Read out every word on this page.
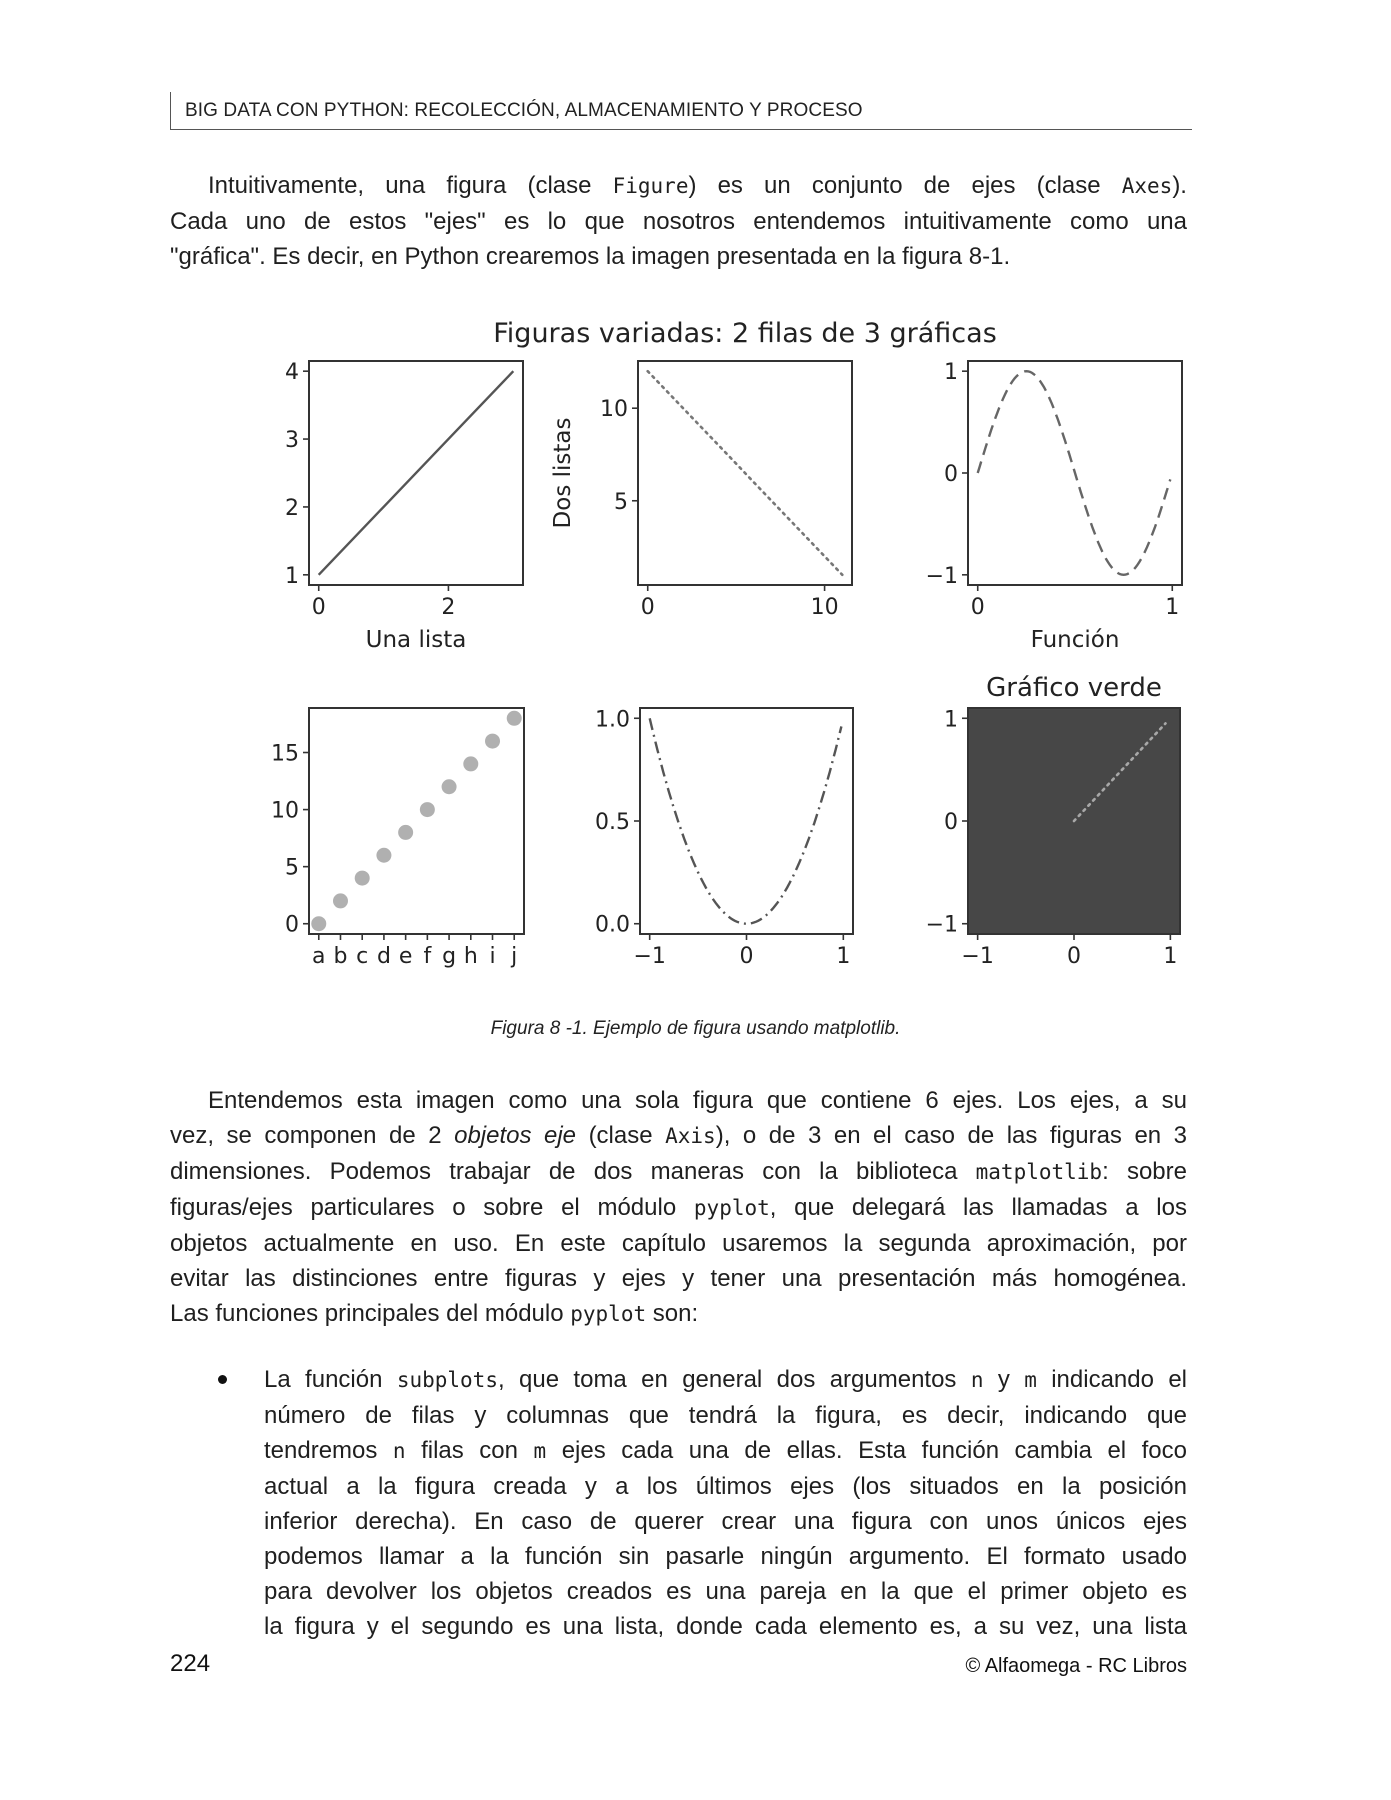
BIG DATA CON PYTHON: RECOLECCIÓN, ALMACENAMIENTO Y PROCESO
Intuitivamente, una figura (clase Figure) es un conjunto de ejes (clase Axes).
Cada uno de estos "ejes" es lo que nosotros entendemos intuitivamente como una
"gráfica". Es decir, en Python crearemos la imagen presentada en la figura 8-1.
Figuras variadas: 2 filas de 3 gráficas
1
2
3
4
0	2
Una lista
5
10
0	10
Dos listas
−1
0
1
0	1
Función
0
5
10
15
a b c d e f g h i j
0.0
0.5
1.0
−1	0	1
−1
0
1
−1	0	1
Gráfico verde
Figura 8 -1. Ejemplo de figura usando matplotlib.
Entendemos esta imagen como una sola figura que contiene 6 ejes. Los ejes, a su
vez, se componen de 2 objetos eje (clase Axis), o de 3 en el caso de las figuras en 3
dimensiones. Podemos trabajar de dos maneras con la biblioteca matplotlib: sobre
figuras/ejes particulares o sobre el módulo pyplot, que delegará las llamadas a los
objetos actualmente en uso. En este capítulo usaremos la segunda aproximación, por
evitar las distinciones entre figuras y ejes y tener una presentación más homogénea.
Las funciones principales del módulo pyplot son:
La función subplots, que toma en general dos argumentos n y m indicando el
número de filas y columnas que tendrá la figura, es decir, indicando que
tendremos n filas con m ejes cada una de ellas. Esta función cambia el foco
actual a la figura creada y a los últimos ejes (los situados en la posición
inferior derecha). En caso de querer crear una figura con unos únicos ejes
podemos llamar a la función sin pasarle ningún argumento. El formato usado
para devolver los objetos creados es una pareja en la que el primer objeto es
la figura y el segundo es una lista, donde cada elemento es, a su vez, una lista
224	© Alfaomega - RC Libros
